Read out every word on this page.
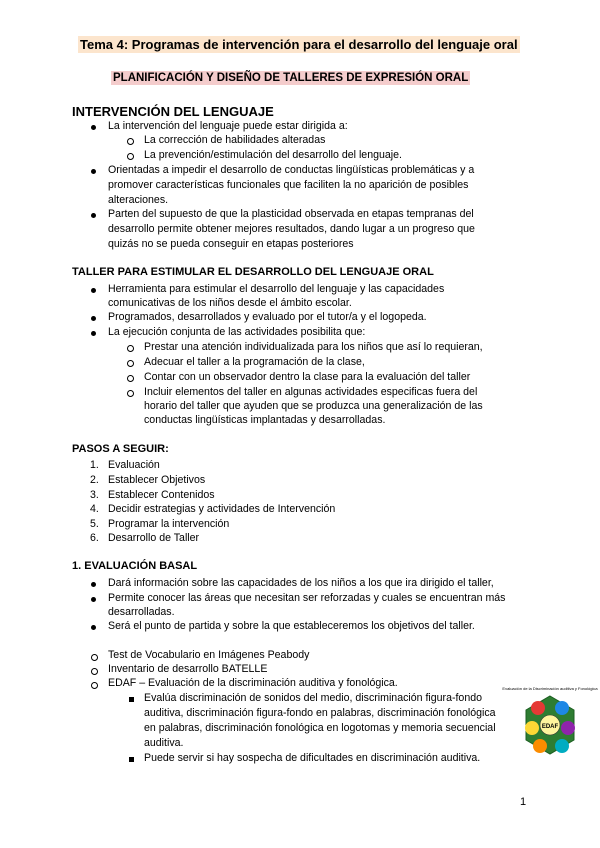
Tema 4: Programas de intervención para el desarrollo del lenguaje oral
PLANIFICACIÓN Y DISEÑO DE TALLERES DE EXPRESIÓN ORAL
INTERVENCIÓN DEL LENGUAJE
La intervención del lenguaje puede estar dirigida a:
La corrección de habilidades alteradas
La prevención/estimulación del desarrollo del lenguaje.
Orientadas a impedir el desarrollo de conductas lingüísticas problemáticas y a
promover características funcionales que faciliten la no aparición de posibles
alteraciones.
Parten del supuesto de que la plasticidad observada en etapas tempranas del
desarrollo permite obtener mejores resultados, dando lugar a un progreso que
quizás no se pueda conseguir en etapas posteriores
TALLER PARA ESTIMULAR EL DESARROLLO DEL LENGUAJE ORAL
Herramienta para estimular el desarrollo del lenguaje y las capacidades
comunicativas de los niños desde el ámbito escolar.
Programados, desarrollados y evaluado por el tutor/a y el logopeda.
La ejecución conjunta de las actividades posibilita que:
Prestar una atención individualizada para los niños que así lo requieran,
Adecuar el taller a la programación de la clase,
Contar con un observador dentro la clase para la evaluación del taller
Incluir elementos del taller en algunas actividades especificas fuera del
horario del taller que ayuden que se produzca una generalización de las
conductas lingüísticas implantadas y desarrolladas.
PASOS A SEGUIR:
1. Evaluación
2. Establecer Objetivos
3. Establecer Contenidos
4. Decidir estrategias y actividades de Intervención
5. Programar la intervención
6. Desarrollo de Taller
1. EVALUACIÓN BASAL
Dará información sobre las capacidades de los niños a los que ira dirigido el taller,
Permite conocer las áreas que necesitan ser reforzadas y cuales se encuentran más
desarrolladas.
Será el punto de partida y sobre la que estableceremos los objetivos del taller.
Test de Vocabulario en Imágenes Peabody
Inventario de desarrollo BATELLE
EDAF – Evaluación de la discriminación auditiva y fonológica.
Evalúa discriminación de sonidos del medio, discriminación figura-fondo
auditiva, discriminación figura-fondo en palabras, discriminación fonológica
en palabras, discriminación fonológica en logotomas y memoria secuencial
auditiva.
Puede servir si hay sospecha de dificultades en discriminación auditiva.
Evaluación de la Discriminación auditiva y Fonológica
EDAF
1
